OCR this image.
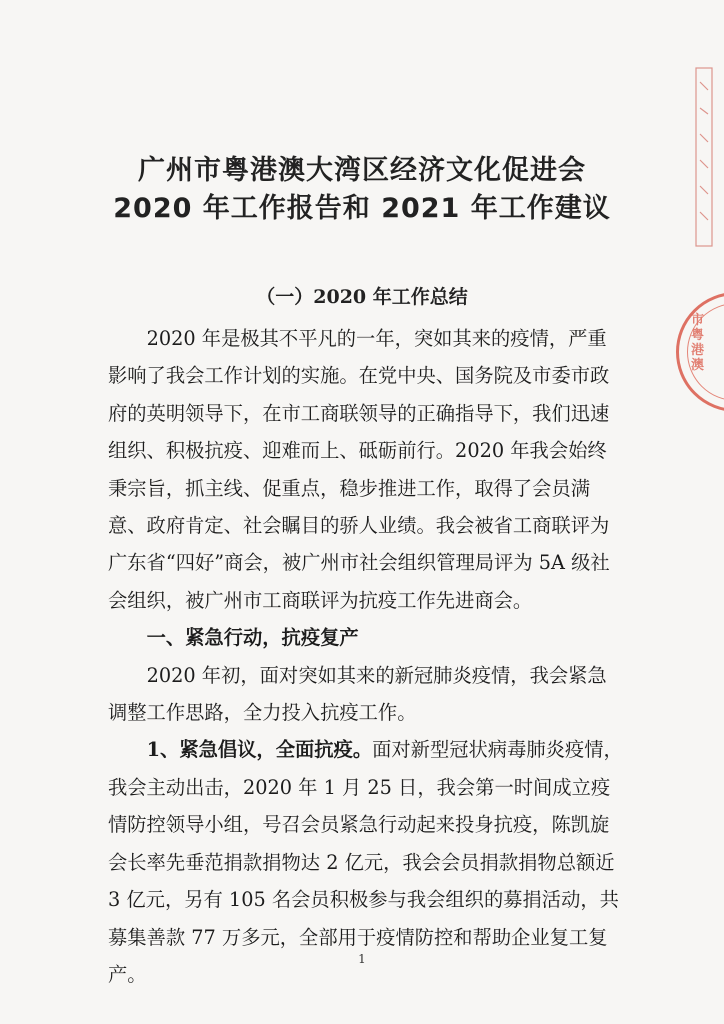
广州市粤港澳大湾区经济文化促进会
2020 年工作报告和 2021 年工作建议
（一）2020 年工作总结

2020 年是极其不平凡的一年，突如其来的疫情，严重影响了我会工作计划的实施。在党中央、国务院及市委市政府的英明领导下，在市工商联领导的正确指导下，我们迅速组织、积极抗疫、迎难而上、砥砺前行。2020 年我会始终秉宗旨，抓主线、促重点，稳步推进工作，取得了会员满意、政府肯定、社会瞩目的骄人业绩。我会被省工商联评为广东省“四好”商会，被广州市社会组织管理局评为 5A 级社会组织，被广州市工商联评为抗疫工作先进商会。

一、紧急行动，抗疫复产

2020 年初，面对突如其来的新冠肺炎疫情，我会紧急调整工作思路，全力投入抗疫工作。

1、紧急倡议，全面抗疫。面对新型冠状病毒肺炎疫情，我会主动出击，2020 年 1 月 25 日，我会第一时间成立疫情防控领导小组，号召会员紧急行动起来投身抗疫，陈凯旋会长率先垂范捐款捐物达 2 亿元，我会会员捐款捐物总额近 3 亿元，另有 105 名会员积极参与我会组织的募捐活动，共募集善款 77 万多元，全部用于疫情防控和帮助企业复工复产。

1
市粤港澳
